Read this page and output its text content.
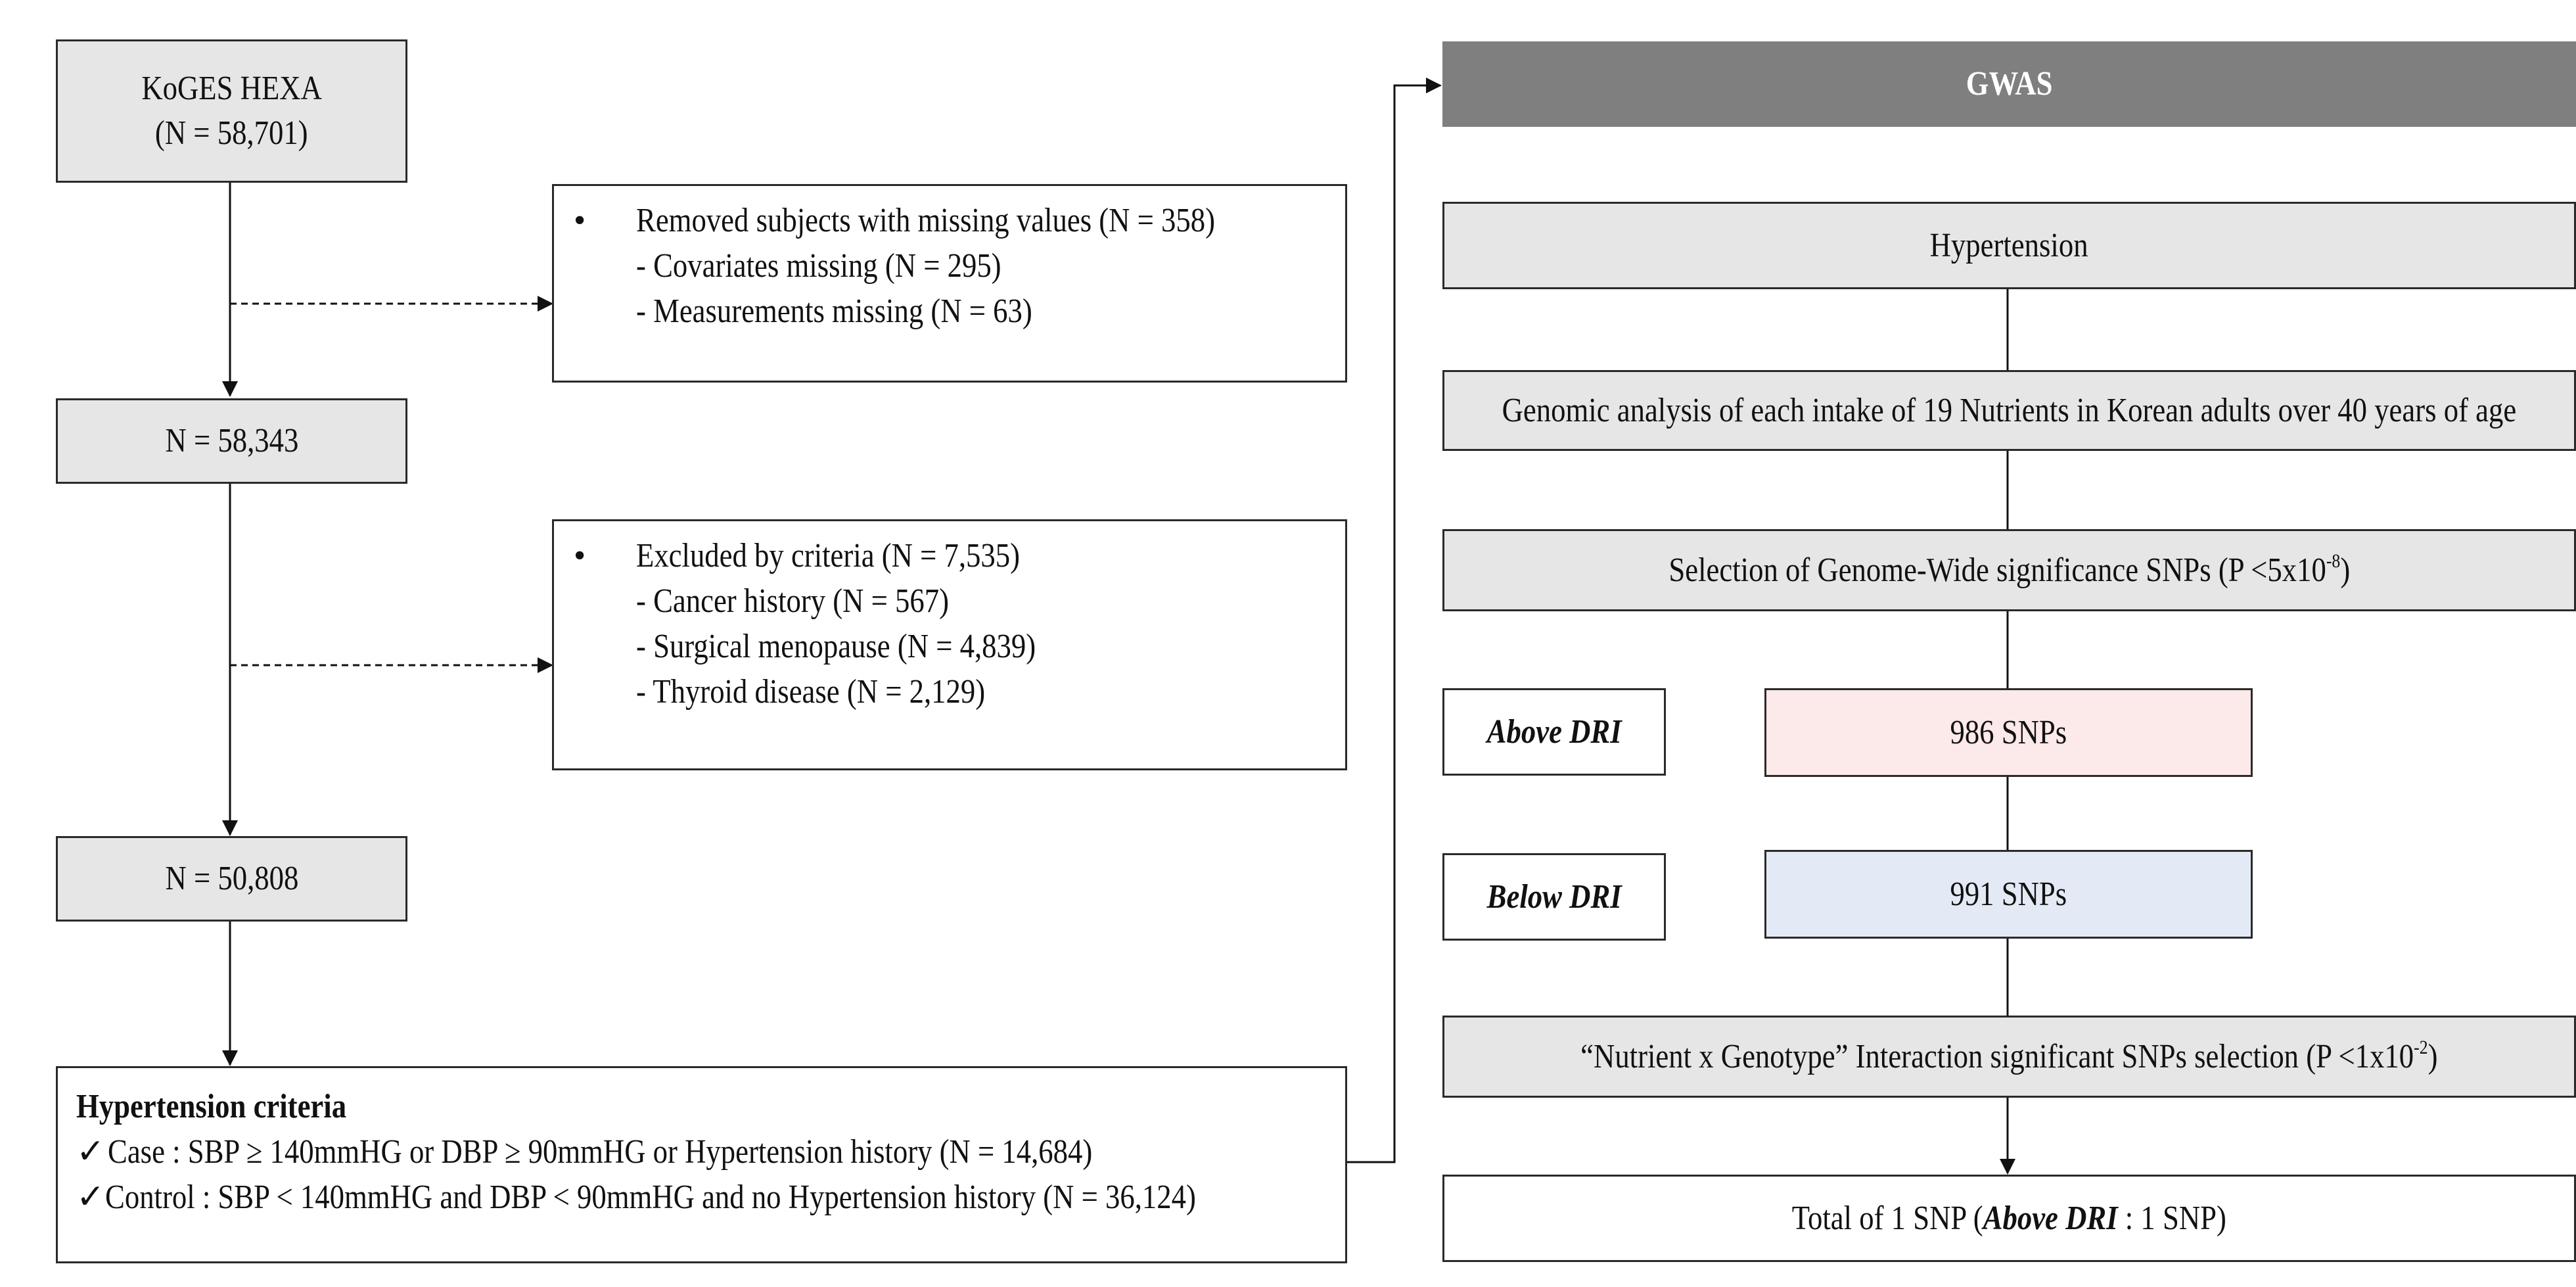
KoGES HEXA
(N = 58,701)
•	Removed subjects with missing values (N = 358)
- Covariates missing (N = 295)
- Measurements missing (N = 63)
N = 58,343
•	Excluded by criteria (N = 7,535)
- Cancer history (N = 567)
- Surgical menopause (N = 4,839)
- Thyroid disease (N = 2,129)
N = 50,808
Hypertension criteria
✓ Case : SBP ≥ 140mmHG or DBP ≥ 90mmHG or Hypertension history (N = 14,684)
✓ Control : SBP < 140mmHG and DBP < 90mmHG and no Hypertension history (N = 36,124)
GWAS
Hypertension
Genomic analysis of each intake of 19 Nutrients in Korean adults over 40 years of age
Selection of Genome-Wide significance SNPs $(P <5x10^{-8})$
Above DRI	986 SNPs
Below DRI	991 SNPs
“Nutrient x Genotype” Interaction significant SNPs selection $(P <1x10^{-2})$
Total of 1 SNP (Above DRI : 1 SNP)
